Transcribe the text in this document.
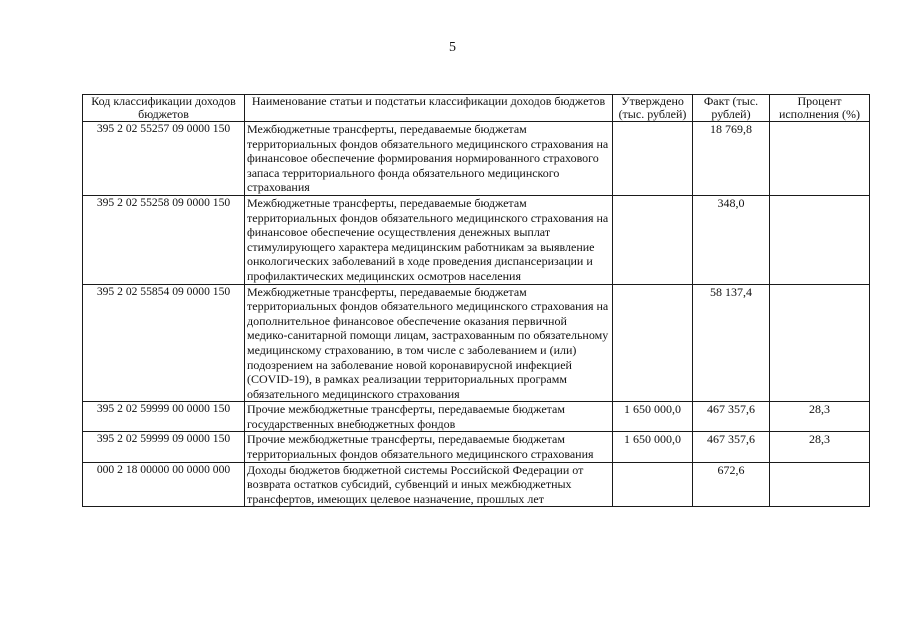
5
Код классификации доходов бюджетов	Наименование статьи и подстатьи классификации доходов бюджетов	Утверждено (тыс. рублей)	Факт (тыс. рублей)	Процент исполнения (%)
395 2 02 55257 09 0000 150	Межбюджетные трансферты, передаваемые бюджетам территориальных фондов обязательного медицинского страхования на финансовое обеспечение формирования нормированного страхового запаса территориального фонда обязательного медицинского страхования		18 769,8	
395 2 02 55258 09 0000 150	Межбюджетные трансферты, передаваемые бюджетам территориальных фондов обязательного медицинского страхования на финансовое обеспечение осуществления денежных выплат стимулирующего характера медицинским работникам за выявление онкологических заболеваний в ходе проведения диспансеризации и профилактических медицинских осмотров населения		348,0	
395 2 02 55854 09 0000 150	Межбюджетные трансферты, передаваемые бюджетам территориальных фондов обязательного медицинского страхования на дополнительное финансовое обеспечение оказания первичной медико-санитарной помощи лицам, застрахованным по обязательному медицинскому страхованию, в том числе с заболеванием и (или) подозрением на заболевание новой коронавирусной инфекцией (COVID-19), в рамках реализации территориальных программ обязательного медицинского страхования		58 137,4	
395 2 02 59999 00 0000 150	Прочие межбюджетные трансферты, передаваемые бюджетам государственных внебюджетных фондов	1 650 000,0	467 357,6	28,3
395 2 02 59999 09 0000 150	Прочие межбюджетные трансферты, передаваемые бюджетам территориальных фондов обязательного медицинского страхования	1 650 000,0	467 357,6	28,3
000 2 18 00000 00 0000 000	Доходы бюджетов бюджетной системы Российской Федерации от возврата остатков субсидий, субвенций и иных межбюджетных трансфертов, имеющих целевое назначение, прошлых лет		672,6	
